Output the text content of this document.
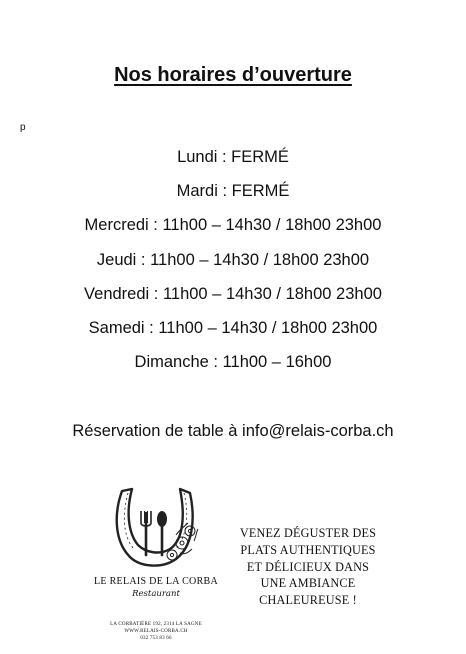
Nos horaires d’ouverture
p
Lundi : FERMÉ
Mardi : FERMÉ
Mercredi : 11h00 – 14h30 / 18h00 23h00
Jeudi : 11h00 – 14h30 / 18h00 23h00
Vendredi : 11h00 – 14h30 / 18h00 23h00
Samedi : 11h00 – 14h30 / 18h00 23h00
Dimanche : 11h00 – 16h00
Réservation de table à info@relais-corba.ch
LE RELAIS DE LA CORBA
Restaurant
LA CORBATIÈRE 192, 2314 LA SAGNE
WWW.RELAIS-CORBA.CH
032 753 83 66
VENEZ DÉGUSTER DES
PLATS AUTHENTIQUES
ET DÉLICIEUX DANS
UNE AMBIANCE
CHALEUREUSE !
